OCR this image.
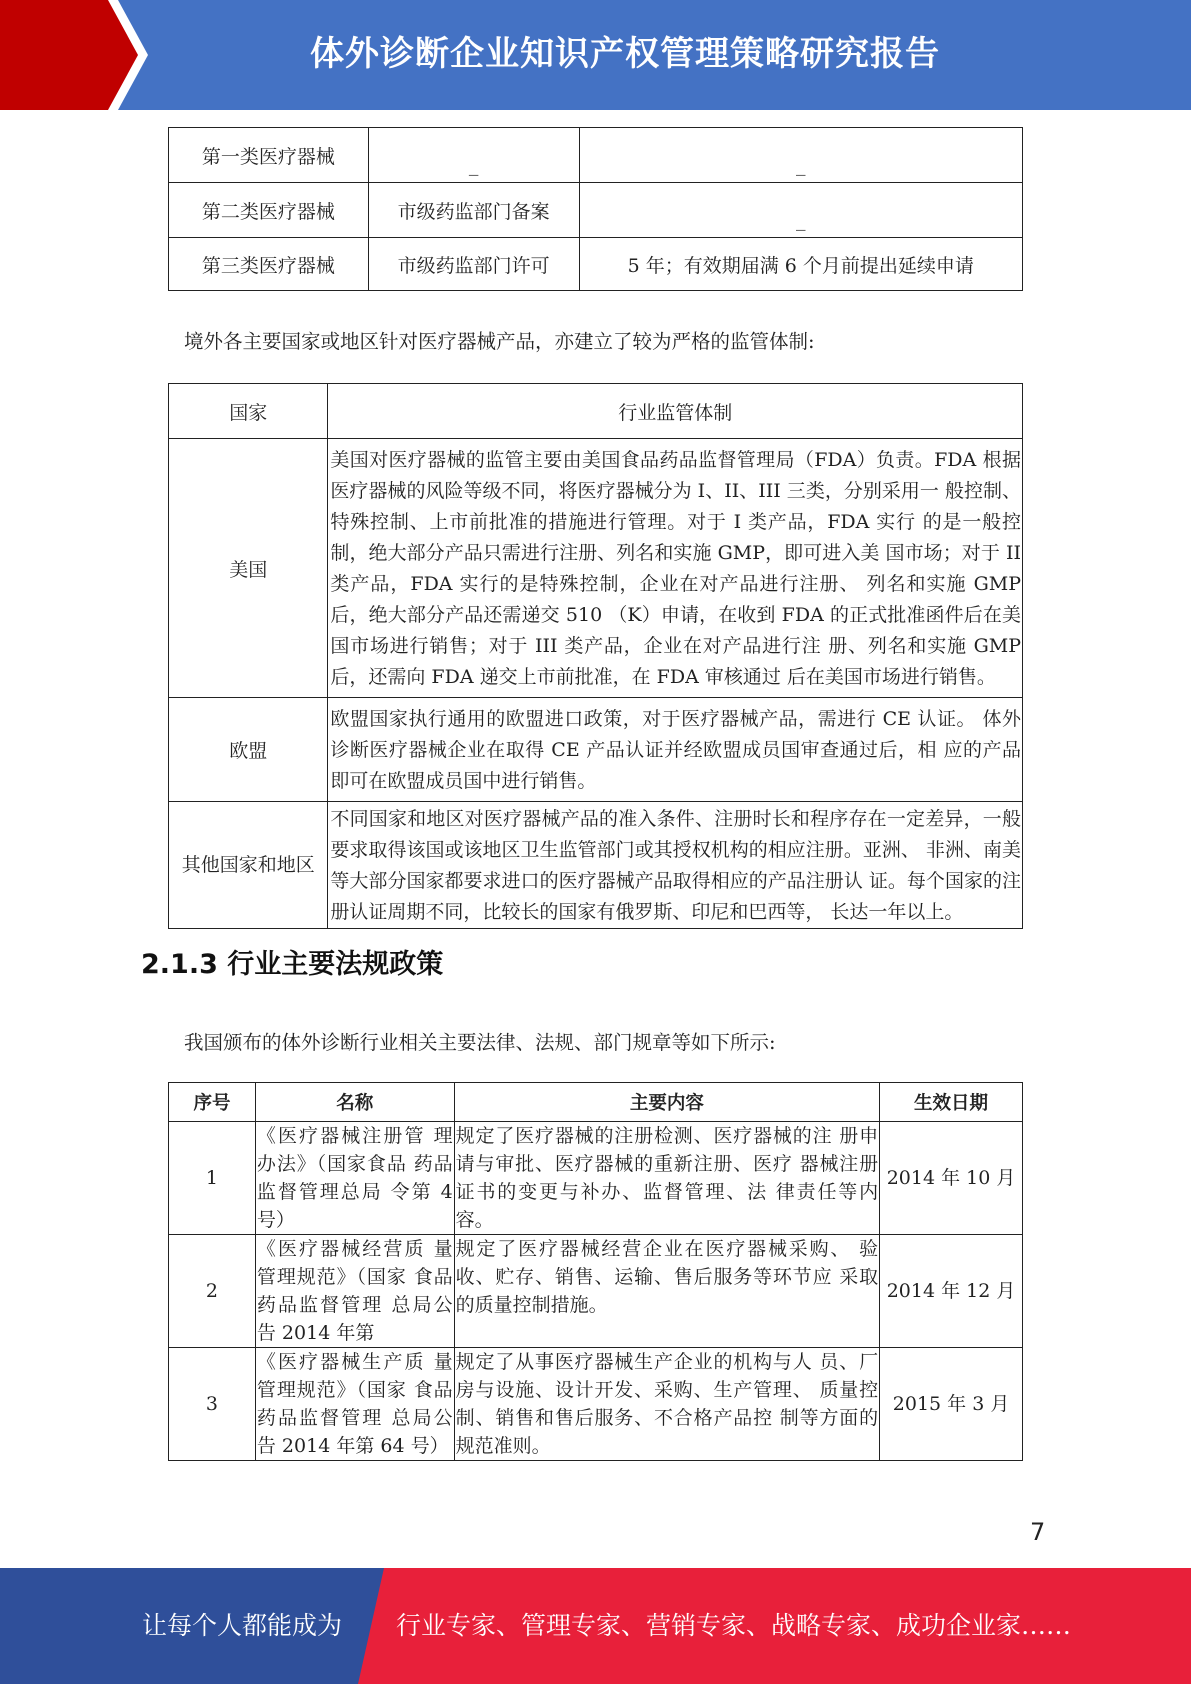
体外诊断企业知识产权管理策略研究报告
第一类医疗器械	_	_
第二类医疗器械	市级药监部门备案	_
第三类医疗器械	市级药监部门许可	5 年；有效期届满 6 个月前提出延续申请
境外各主要国家或地区针对医疗器械产品，亦建立了较为严格的监管体制:
国家	行业监管体制
美国	美国对医疗器械的监管主要由美国食品药品监督管理局（FDA）负责。FDA 根据医疗器械的风险等级不同，将医疗器械分为 I、II、III 三类，分别采用一 般控制、特殊控制、上市前批准的措施进行管理。对于 I 类产品，FDA 实行 的是一般控制，绝大部分产品只需进行注册、列名和实施 GMP，即可进入美 国市场；对于 II 类产品，FDA 实行的是特殊控制，企业在对产品进行注册、 列名和实施 GMP 后，绝大部分产品还需递交 510 （K）申请，在收到 FDA 的正式批准函件后在美国市场进行销售；对于 III 类产品，企业在对产品进行注 册、列名和实施 GMP 后，还需向 FDA 递交上市前批准，在 FDA 审核通过 后在美国市场进行销售。
欧盟	欧盟国家执行通用的欧盟进口政策，对于医疗器械产品，需进行 CE 认证。 体外诊断医疗器械企业在取得 CE 产品认证并经欧盟成员国审查通过后，相 应的产品即可在欧盟成员国中进行销售。
其他国家和地区	不同国家和地区对医疗器械产品的准入条件、注册时长和程序存在一定差异，一般要求取得该国或该地区卫生监管部门或其授权机构的相应注册。亚洲、 非洲、南美等大部分国家都要求进口的医疗器械产品取得相应的产品注册认 证。每个国家的注册认证周期不同，比较长的国家有俄罗斯、印尼和巴西等， 长达一年以上。
2.1.3 行业主要法规政策
我国颁布的体外诊断行业相关主要法律、法规、部门规章等如下所示:
序号	名称	主要内容	生效日期
1	《医疗器械注册管 理办法》（国家食品 药品监督管理总局 令第 4 号）	规定了医疗器械的注册检测、医疗器械的注 册申请与审批、医疗器械的重新注册、医疗 器械注册证书的变更与补办、监督管理、法 律责任等内容。	2014 年 10 月
2	《医疗器械经营质 量管理规范》（国家 食品药品监督管理 总局公告 2014 年第	规定了医疗器械经营企业在医疗器械采购、 验收、贮存、销售、运输、售后服务等环节应 采取的质量控制措施。	2014 年 12 月
3	《医疗器械生产质 量管理规范》（国家 食品药品监督管理 总局公告 2014 年第 64 号）	规定了从事医疗器械生产企业的机构与人 员、厂房与设施、设计开发、采购、生产管理、 质量控制、销售和售后服务、不合格产品控 制等方面的规范准则。	2015 年 3 月
7
让每个人都能成为 行业专家、管理专家、营销专家、战略专家、成功企业家……
